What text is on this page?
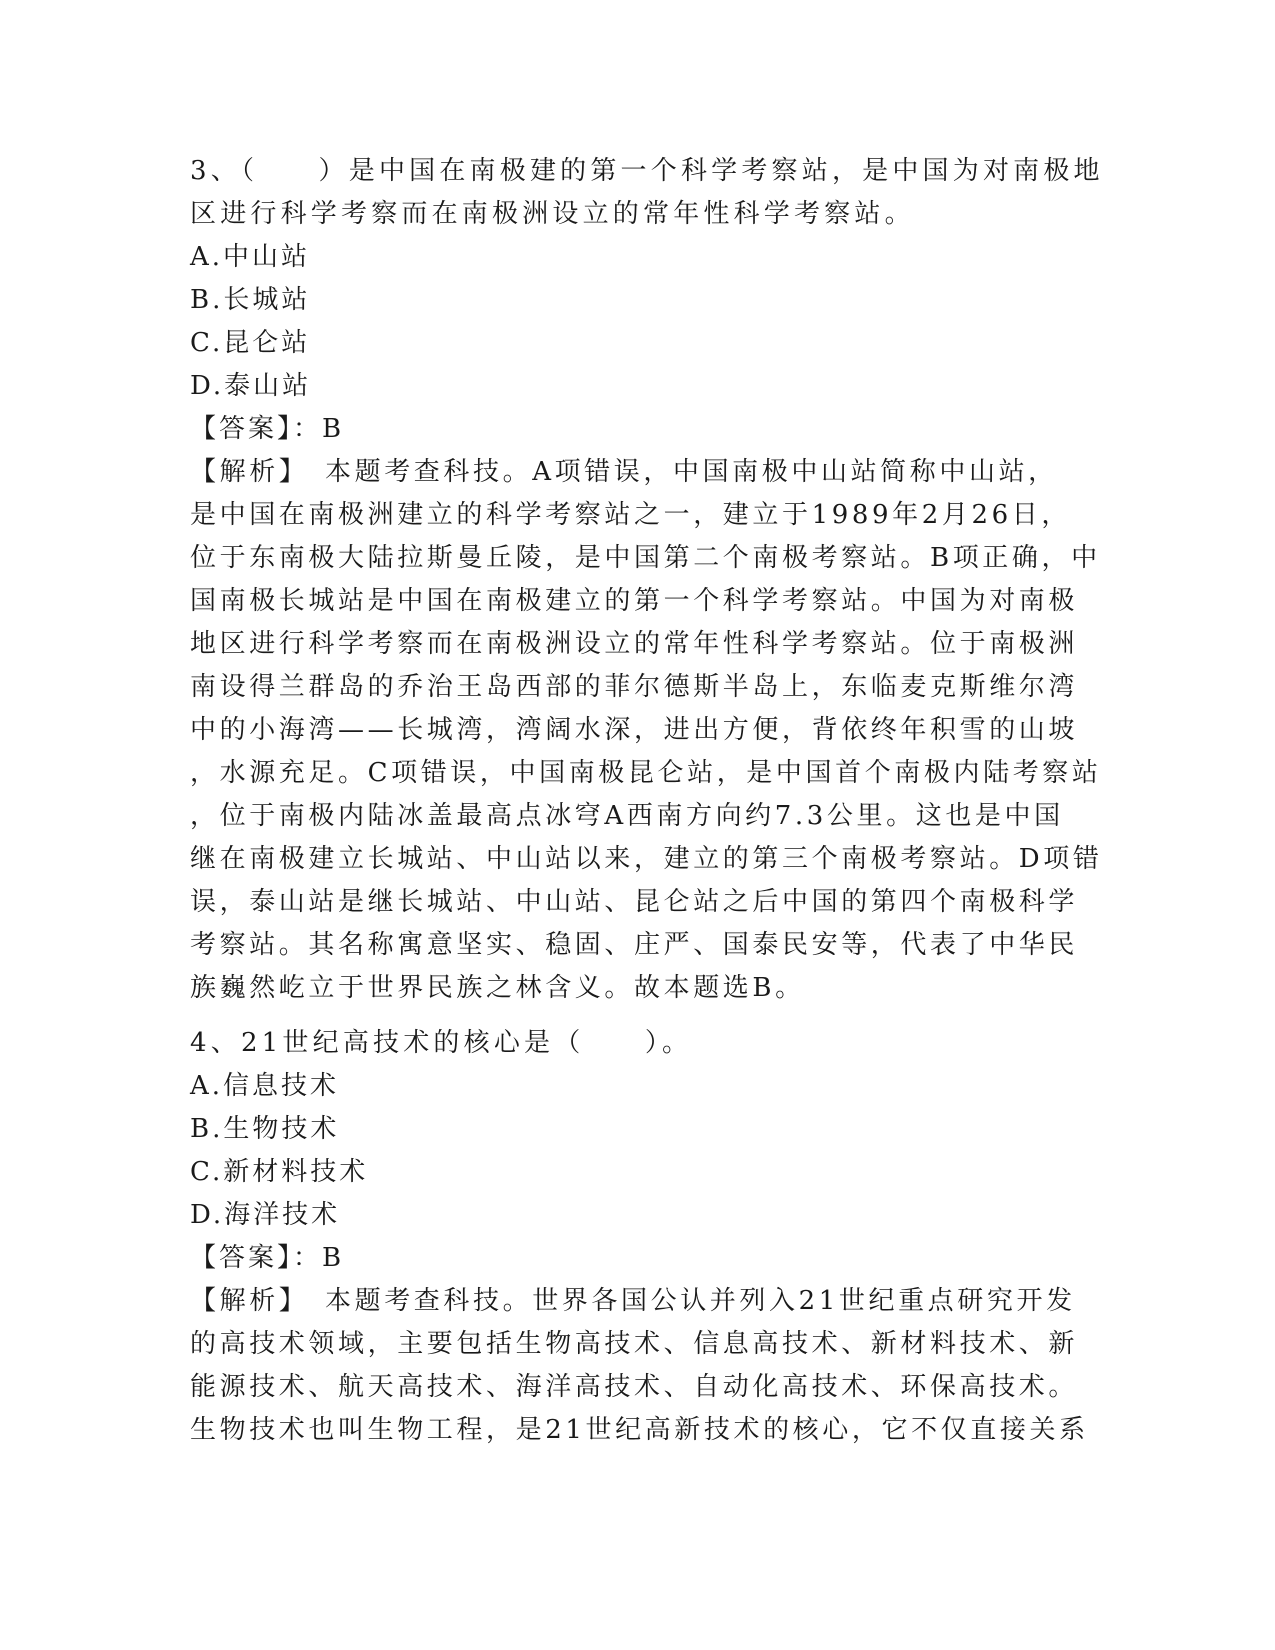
3、（　　）是中国在南极建的第一个科学考察站，是中国为对南极地

区进行科学考察而在南极洲设立的常年性科学考察站。

A.中山站

B.长城站

C.昆仑站

D.泰山站

【答案】：B

【解析】　本题考查科技。A项错误，中国南极中山站简称中山站，

是中国在南极洲建立的科学考察站之一，建立于1989年2月26日，

位于东南极大陆拉斯曼丘陵，是中国第二个南极考察站。B项正确，中

国南极长城站是中国在南极建立的第一个科学考察站。中国为对南极

地区进行科学考察而在南极洲设立的常年性科学考察站。位于南极洲

南设得兰群岛的乔治王岛西部的菲尔德斯半岛上，东临麦克斯维尔湾

中的小海湾——长城湾，湾阔水深，进出方便，背依终年积雪的山坡

，水源充足。C项错误，中国南极昆仑站，是中国首个南极内陆考察站

，位于南极内陆冰盖最高点冰穹A西南方向约7.3公里。这也是中国

继在南极建立长城站、中山站以来，建立的第三个南极考察站。D项错

误，泰山站是继长城站、中山站、昆仑站之后中国的第四个南极科学

考察站。其名称寓意坚实、稳固、庄严、国泰民安等，代表了中华民

族巍然屹立于世界民族之林含义。故本题选B。

4、21世纪高技术的核心是（　　）。

A.信息技术

B.生物技术

C.新材料技术

D.海洋技术

【答案】：B

【解析】　本题考查科技。世界各国公认并列入21世纪重点研究开发

的高技术领域，主要包括生物高技术、信息高技术、新材料技术、新

能源技术、航天高技术、海洋高技术、自动化高技术、环保高技术。

生物技术也叫生物工程，是21世纪高新技术的核心，它不仅直接关系
